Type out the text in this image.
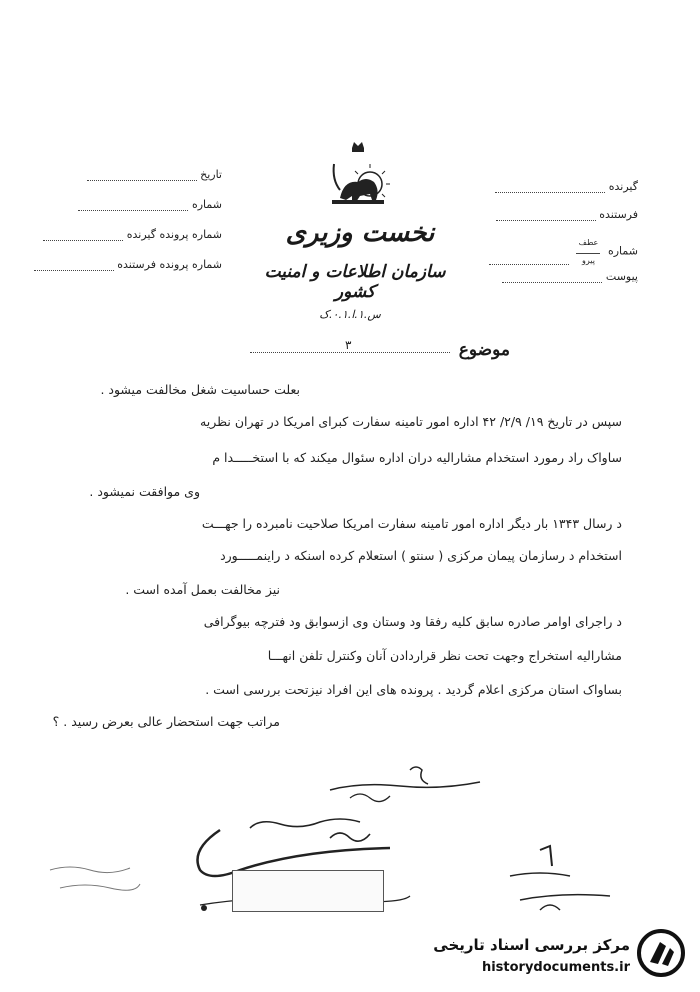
تاریخ
شماره
شماره پرونده گیرنده
شماره پرونده فرستنده
گیرنده
فرستنده
شماره عطف

پیرو
پیوست
نخست وزیری
سازمان اطلاعات و امنیت کشور
س.۱.ا.۰.۱.ک
موضوع
۳
بعلت حساسیت شغل مخالفت میشود .
سپس در تاریخ ۱۹/ ۲/۹/ ۴۲ اداره امور تامینه سفارت کبرای امریکا در تهران نظریه
ساواک راد رمورد استخدام مشارالیه دران اداره سئوال میکند که با استخـــــدا م
وی موافقت نمیشود .
د رسال ۱۳۴۳ بار دیگر اداره امور تامینه سفارت امریکا صلاحیت نامبرده را جهـــت
استخدام د رسازمان پیمان مرکزی ( سنتو ) استعلام کرده اسنکه د راینمـــــورد
نیز مخالفت بعمل آمده است .
د راجرای اوامر صادره سابق کلیه رفقا ود وستان وی ازسوابق ود فترچه بیوگرافی
مشارالیه استخراج وجهت تحت نظر قراردادن آنان وکنترل تلفن انهـــا
بساواک استان مرکزی اعلام گردید . پرونده های این افراد نیزتحت بررسی است .
مراتب جهت استحضار عالی بعرض رسید . ؟
مرکز بررسی اسناد تاریخی
historydocuments.ir
